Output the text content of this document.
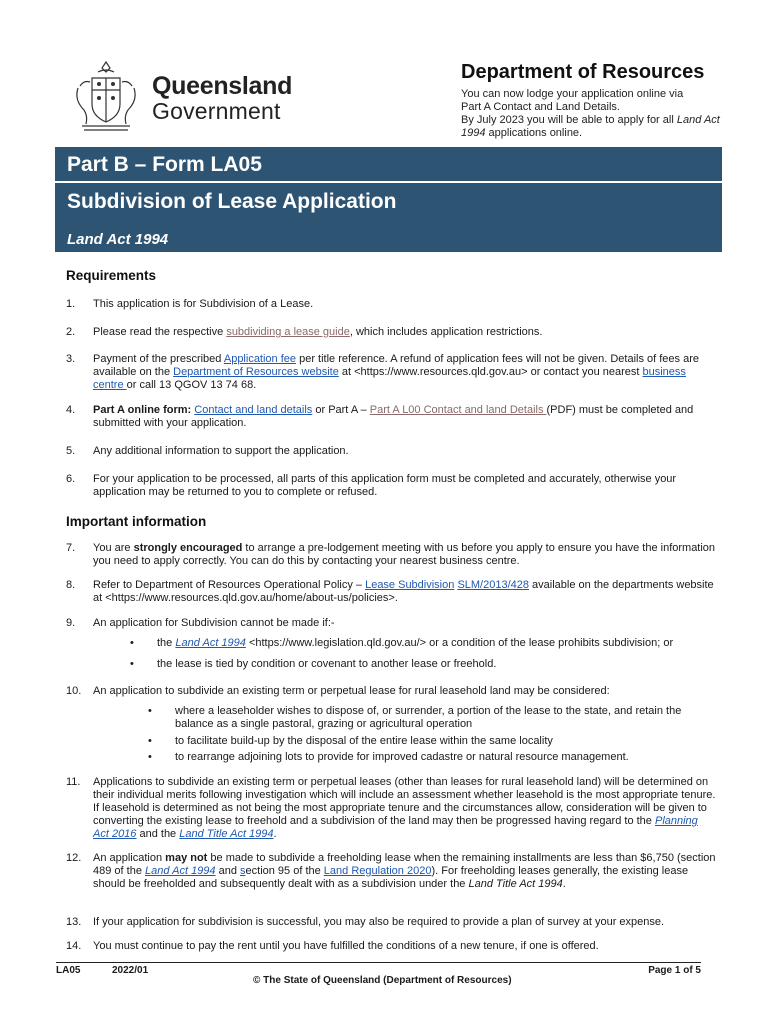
Queensland
Government
Department of Resources
You can now lodge your application online via
Part A Contact and Land Details.
By July 2023 you will be able to apply for all Land Act
1994 applications online.
Part B – Form LA05
Subdivision of Lease Application
Land Act 1994
Requirements
1.	This application is for Subdivision of a Lease.
2.	Please read the respective subdividing a lease guide, which includes application restrictions.
3.	Payment of the prescribed Application fee per title reference. A refund of application fees will not be given. Details of fees are available on the Department of Resources website at <https://www.resources.qld.gov.au> or contact you nearest business centre or call 13 QGOV 13 74 68.
4.	Part A online form: Contact and land details or Part A – Part A L00 Contact and land Details (PDF) must be completed and submitted with your application.
5.	Any additional information to support the application.
6.	For your application to be processed, all parts of this application form must be completed and accurately, otherwise your application may be returned to you to complete or refused.
Important information
7.	You are strongly encouraged to arrange a pre-lodgement meeting with us before you apply to ensure you have the information you need to apply correctly. You can do this by contacting your nearest business centre.
8.	Refer to Department of Resources Operational Policy – Lease Subdivision SLM/2013/428 available on the departments website at <https://www.resources.qld.gov.au/home/about-us/policies>.
9.	An application for Subdivision cannot be made if:-
• the Land Act 1994 <https://www.legislation.qld.gov.au/> or a condition of the lease prohibits subdivision; or
• the lease is tied by condition or covenant to another lease or freehold.
10.	An application to subdivide an existing term or perpetual lease for rural leasehold land may be considered:
• where a leaseholder wishes to dispose of, or surrender, a portion of the lease to the state, and retain the balance as a single pastoral, grazing or agricultural operation
• to facilitate build-up by the disposal of the entire lease within the same locality
• to rearrange adjoining lots to provide for improved cadastre or natural resource management.
11.	Applications to subdivide an existing term or perpetual leases (other than leases for rural leasehold land) will be determined on their individual merits following investigation which will include an assessment whether leasehold is the most appropriate tenure. If leasehold is determined as not being the most appropriate tenure and the circumstances allow, consideration will be given to converting the existing lease to freehold and a subdivision of the land may then be progressed having regard to the Planning Act 2016 and the Land Title Act 1994.
12.	An application may not be made to subdivide a freeholding lease when the remaining installments are less than $6,750 (section 489 of the Land Act 1994 and section 95 of the Land Regulation 2020). For freeholding leases generally, the existing lease should be freeholded and subsequently dealt with as a subdivision under the Land Title Act 1994.
13.	If your application for subdivision is successful, you may also be required to provide a plan of survey at your expense.
14.	You must continue to pay the rent until you have fulfilled the conditions of a new tenure, if one is offered.
LA05	2022/01	Page 1 of 5
© The State of Queensland (Department of Resources)
